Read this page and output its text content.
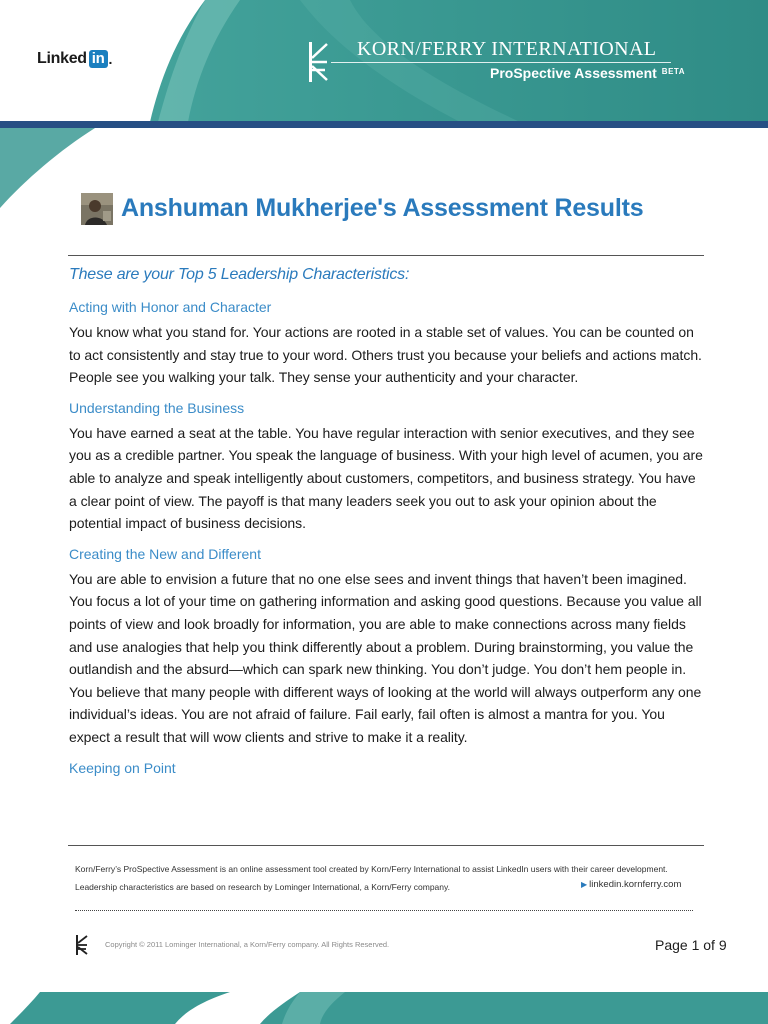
Linked in .	KORN/FERRY INTERNATIONAL
ProSpective Assessment $^{BETA}$
Anshuman Mukherjee's Assessment Results
These are your Top 5 Leadership Characteristics:
Acting with Honor and Character
You know what you stand for. Your actions are rooted in a stable set of values. You can be counted on to act consistently and stay true to your word. Others trust you because your beliefs and actions match. People see you walking your talk. They sense your authenticity and your character.
Understanding the Business
You have earned a seat at the table. You have regular interaction with senior executives, and they see you as a credible partner. You speak the language of business. With your high level of acumen, you are able to analyze and speak intelligently about customers, competitors, and business strategy. You have a clear point of view. The payoff is that many leaders seek you out to ask your opinion about the potential impact of business decisions.
Creating the New and Different
You are able to envision a future that no one else sees and invent things that haven’t been imagined. You focus a lot of your time on gathering information and asking good questions. Because you value all points of view and look broadly for information, you are able to make connections across many fields and use analogies that help you think differently about a problem. During brainstorming, you value the outlandish and the absurd—which can spark new thinking. You don’t judge. You don’t hem people in. You believe that many people with different ways of looking at the world will always outperform any one individual’s ideas. You are not afraid of failure. Fail early, fail often is almost a mantra for you. You expect a result that will wow clients and strive to make it a reality.
Keeping on Point
Korn/Ferry’s ProSpective Assessment is an online assessment tool created by Korn/Ferry International to assist LinkedIn users with their career development. Leadership characteristics are based on research by Lominger International, a Korn/Ferry company.	▶ linkedin.kornferry.com
Copyright © 2011 Lominger International, a Korn/Ferry company. All Rights Reserved.	Page 1 of 9
